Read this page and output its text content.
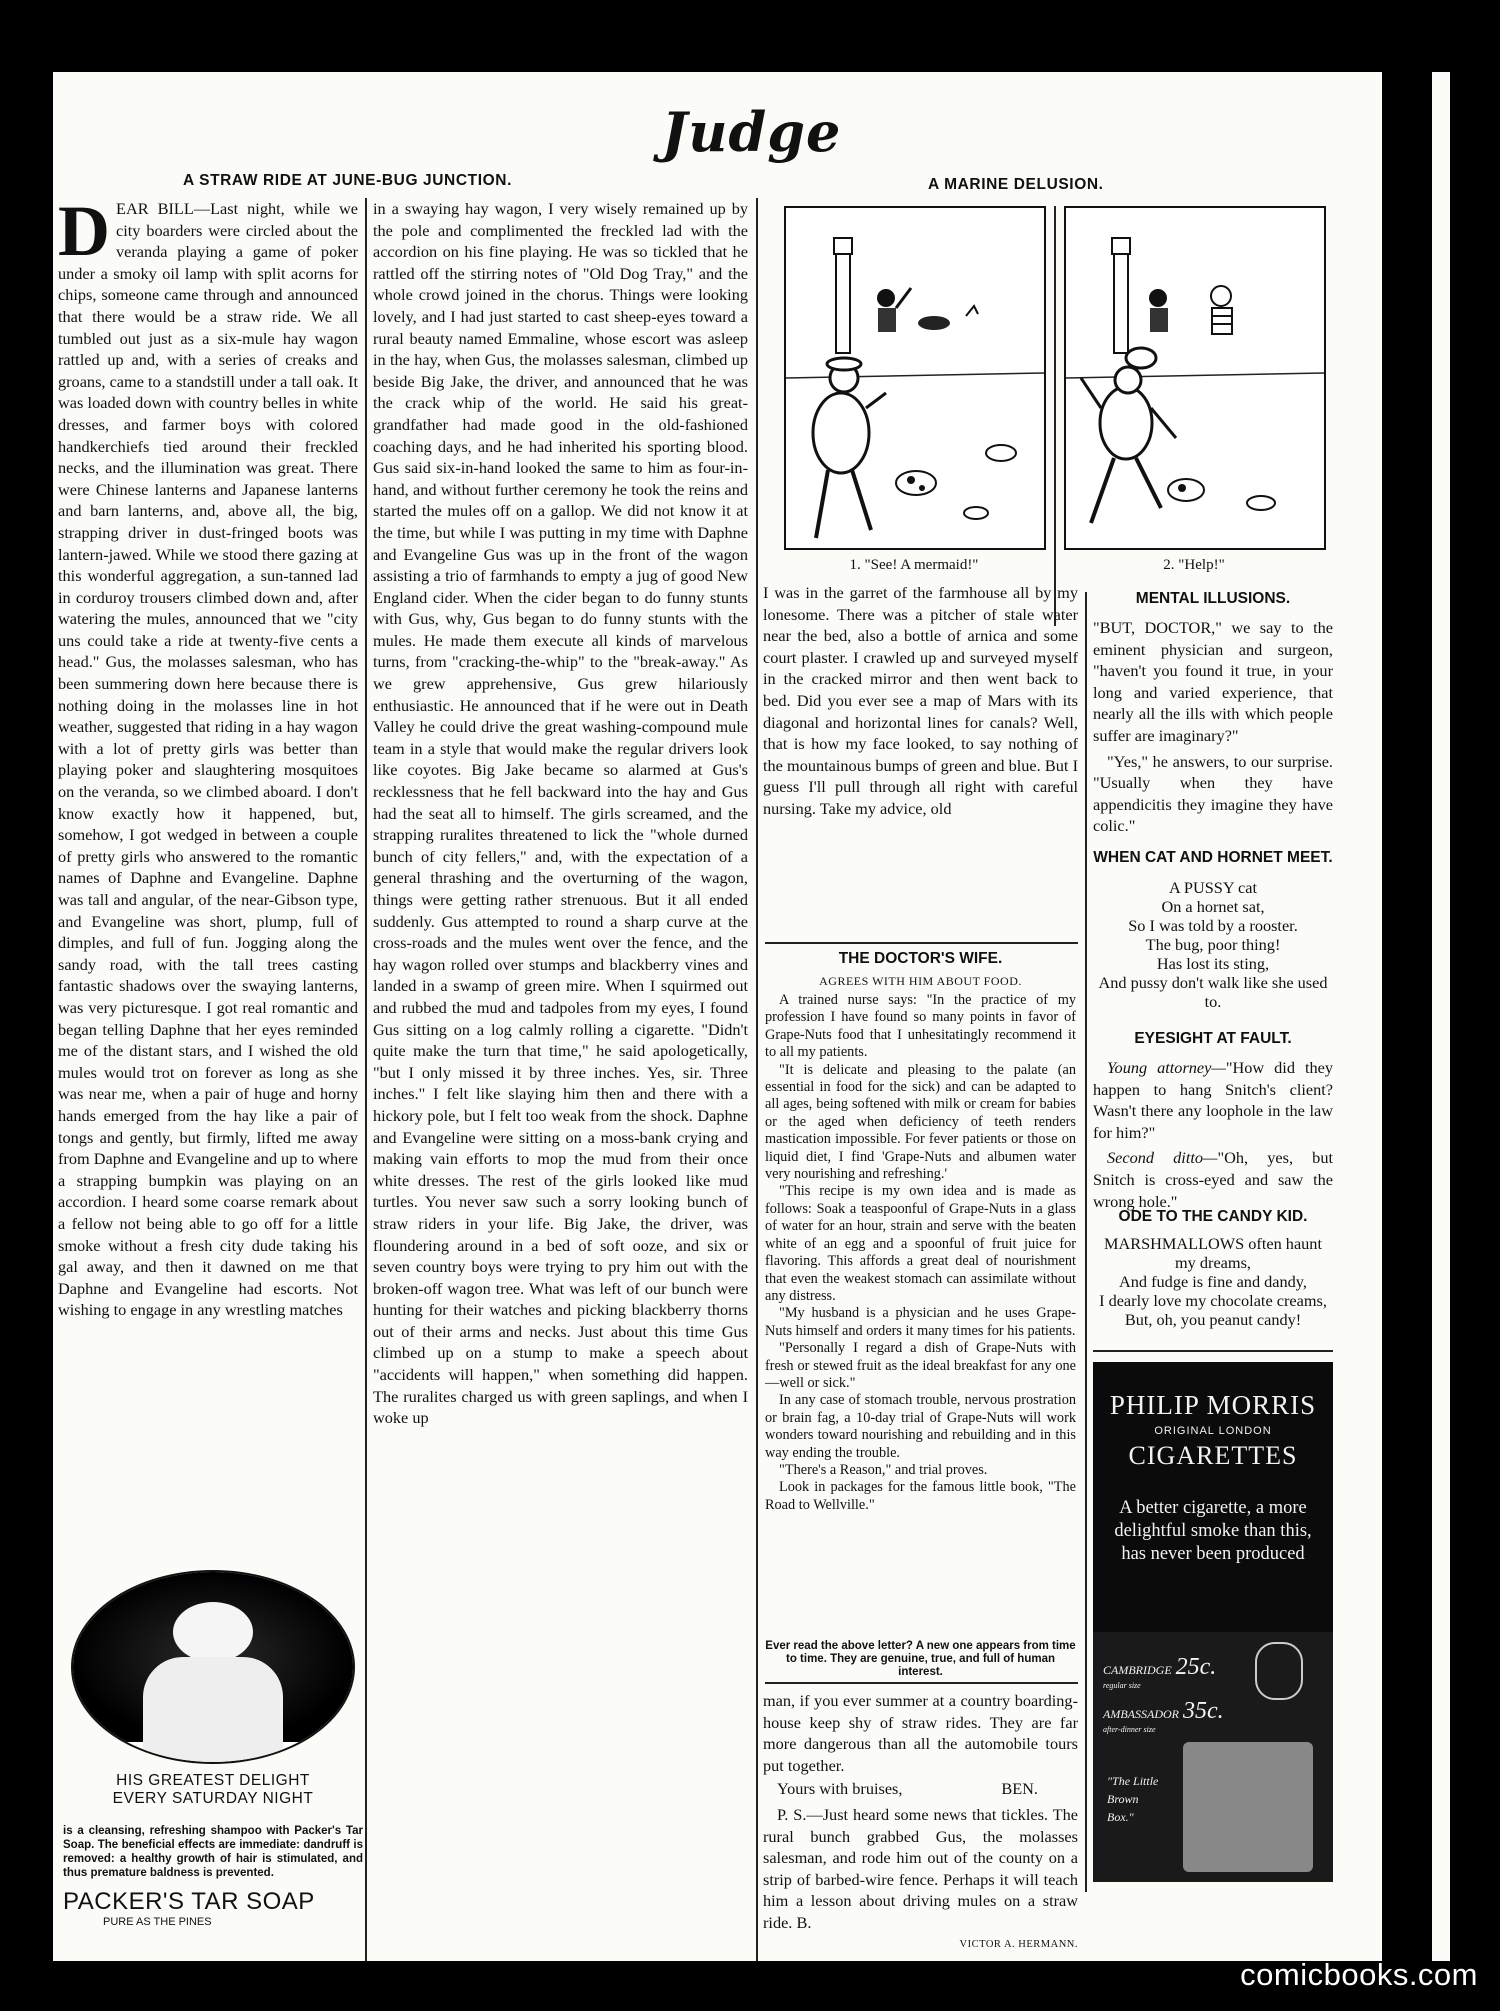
Judge
A STRAW RIDE AT JUNE-BUG JUNCTION.
DEAR BILL—Last night, while we city boarders were circled about the veranda playing a game of poker under a smoky oil lamp with split acorns for chips, someone came through and announced that there would be a straw ride. We all tumbled out just as a six-mule hay wagon rattled up and, with a series of creaks and groans, came to a standstill under a tall oak. It was loaded down with country belles in white dresses, and farmer boys with colored handkerchiefs tied around their freckled necks, and the illumination was great. There were Chinese lanterns and Japanese lanterns and barn lanterns, and, above all, the big, strapping driver in dust-fringed boots was lantern-jawed. While we stood there gazing at this wonderful aggregation, a sun-tanned lad in corduroy trousers climbed down and, after watering the mules, announced that we "city uns could take a ride at twenty-five cents a head." Gus, the molasses salesman, who has been summering down here because there is nothing doing in the molasses line in hot weather, suggested that riding in a hay wagon with a lot of pretty girls was better than playing poker and slaughtering mosquitoes on the veranda, so we climbed aboard. I don't know exactly how it happened, but, somehow, I got wedged in between a couple of pretty girls who answered to the romantic names of Daphne and Evangeline. Daphne was tall and angular, of the near-Gibson type, and Evangeline was short, plump, full of dimples, and full of fun. Jogging along the sandy road, with the tall trees casting fantastic shadows over the swaying lanterns, was very picturesque. I got real romantic and began telling Daphne that her eyes reminded me of the distant stars, and I wished the old mules would trot on forever as long as she was near me, when a pair of huge and horny hands emerged from the hay like a pair of tongs and gently, but firmly, lifted me away from Daphne and Evangeline and up to where a strapping bumpkin was playing on an accordion. I heard some coarse remark about a fellow not being able to go off for a little smoke without a fresh city dude taking his gal away, and then it dawned on me that Daphne and Evangeline had escorts. Not wishing to engage in any wrestling matches
in a swaying hay wagon, I very wisely remained up by the pole and complimented the freckled lad with the accordion on his fine playing. He was so tickled that he rattled off the stirring notes of "Old Dog Tray," and the whole crowd joined in the chorus. Things were looking lovely, and I had just started to cast sheep-eyes toward a rural beauty named Emmaline, whose escort was asleep in the hay, when Gus, the molasses salesman, climbed up beside Big Jake, the driver, and announced that he was the crack whip of the world. He said his great-grandfather had made good in the old-fashioned coaching days, and he had inherited his sporting blood. Gus said six-in-hand looked the same to him as four-in-hand, and without further ceremony he took the reins and started the mules off on a gallop. We did not know it at the time, but while I was putting in my time with Daphne and Evangeline Gus was up in the front of the wagon assisting a trio of farmhands to empty a jug of good New England cider. When the cider began to do funny stunts with Gus, why, Gus began to do funny stunts with the mules. He made them execute all kinds of marvelous turns, from "cracking-the-whip" to the "break-away." As we grew apprehensive, Gus grew hilariously enthusiastic. He announced that if he were out in Death Valley he could drive the great washing-compound mule team in a style that would make the regular drivers look like coyotes. Big Jake became so alarmed at Gus's recklessness that he fell backward into the hay and Gus had the seat all to himself. The girls screamed, and the strapping ruralites threatened to lick the "whole durned bunch of city fellers," and, with the expectation of a general thrashing and the overturning of the wagon, things were getting rather strenuous. But it all ended suddenly. Gus attempted to round a sharp curve at the cross-roads and the mules went over the fence, and the hay wagon rolled over stumps and blackberry vines and landed in a swamp of green mire. When I squirmed out and rubbed the mud and tadpoles from my eyes, I found Gus sitting on a log calmly rolling a cigarette. "Didn't quite make the turn that time," he said apologetically, "but I only missed it by three inches. Yes, sir. Three inches." I felt like slaying him then and there with a hickory pole, but I felt too weak from the shock. Daphne and Evangeline were sitting on a moss-bank crying and making vain efforts to mop the mud from their once white dresses. The rest of the girls looked like mud turtles. You never saw such a sorry looking bunch of straw riders in your life. Big Jake, the driver, was floundering around in a bed of soft ooze, and six or seven country boys were trying to pry him out with the broken-off wagon tree. What was left of our bunch were hunting for their watches and picking blackberry thorns out of their arms and necks. Just about this time Gus climbed up on a stump to make a speech about "accidents will happen," when something did happen. The ruralites charged us with green saplings, and when I woke up
A MARINE DELUSION.
1. "See! A mermaid!"	2. "Help!"
I was in the garret of the farmhouse all by my lonesome. There was a pitcher of stale water near the bed, also a bottle of arnica and some court plaster. I crawled up and surveyed myself in the cracked mirror and then went back to bed. Did you ever see a map of Mars with its diagonal and horizontal lines for canals? Well, that is how my face looked, to say nothing of the mountainous bumps of green and blue. But I guess I'll pull through all right with careful nursing. Take my advice, old
THE DOCTOR'S WIFE.
AGREES WITH HIM ABOUT FOOD.

A trained nurse says: "In the practice of my profession I have found so many points in favor of Grape-Nuts food that I unhesitatingly recommend it to all my patients.

"It is delicate and pleasing to the palate (an essential in food for the sick) and can be adapted to all ages, being softened with milk or cream for babies or the aged when deficiency of teeth renders mastication impossible. For fever patients or those on liquid diet, I find 'Grape-Nuts and albumen water very nourishing and refreshing.'

"This recipe is my own idea and is made as follows: Soak a teaspoonful of Grape-Nuts in a glass of water for an hour, strain and serve with the beaten white of an egg and a spoonful of fruit juice for flavoring. This affords a great deal of nourishment that even the weakest stomach can assimilate without any distress.

"My husband is a physician and he uses Grape-Nuts himself and orders it many times for his patients.

"Personally I regard a dish of Grape-Nuts with fresh or stewed fruit as the ideal breakfast for any one—well or sick."

In any case of stomach trouble, nervous prostration or brain fag, a 10-day trial of Grape-Nuts will work wonders toward nourishing and rebuilding and in this way ending the trouble.

"There's a Reason," and trial proves.

Look in packages for the famous little book, "The Road to Wellville."

Ever read the above letter? A new one appears from time to time. They are genuine, true, and full of human interest.
man, if you ever summer at a country boarding-house keep shy of straw rides. They are far more dangerous than all the automobile tours put together.
Yours with bruises,	BEN.
P. S.—Just heard some news that tickles. The rural bunch grabbed Gus, the molasses salesman, and rode him out of the county on a strip of barbed-wire fence. Perhaps it will teach him a lesson about driving mules on a straw ride. B.
VICTOR A. HERMANN.
MENTAL ILLUSIONS.

"BUT, DOCTOR," we say to the eminent physician and surgeon, "haven't you found it true, in your long and varied experience, that nearly all the ills with which people suffer are imaginary?"

"Yes," he answers, to our surprise. "Usually when they have appendicitis they imagine they have colic."

WHEN CAT AND HORNET MEET.
A PUSSY cat
On a hornet sat,
So I was told by a rooster.
The bug, poor thing!
Has lost its sting,
And pussy don't walk like she used to.
EYESIGHT AT FAULT.

Young attorney—"How did they happen to hang Snitch's client? Wasn't there any loophole in the law for him?"

Second ditto—"Oh, yes, but Snitch is cross-eyed and saw the wrong hole."

ODE TO THE CANDY KID.
MARSHMALLOWS often haunt my dreams,
And fudge is fine and dandy,
I dearly love my chocolate creams,
But, oh, you peanut candy!
PHILIP MORRIS
ORIGINAL LONDON
CIGARETTES
A better cigarette, a more delightful smoke than this, has never been produced
CAMBRIDGE 25c.
regular size
AMBASSADOR 35c.
after-dinner size
"The Little Brown Box."
HIS GREATEST DELIGHT
EVERY SATURDAY NIGHT
is a cleansing, refreshing shampoo with Packer's Tar Soap. The beneficial effects are immediate: dandruff is removed: a healthy growth of hair is stimulated, and thus premature baldness is prevented.
PACKER'S TAR SOAP
PURE AS THE PINES
comicbooks.com
